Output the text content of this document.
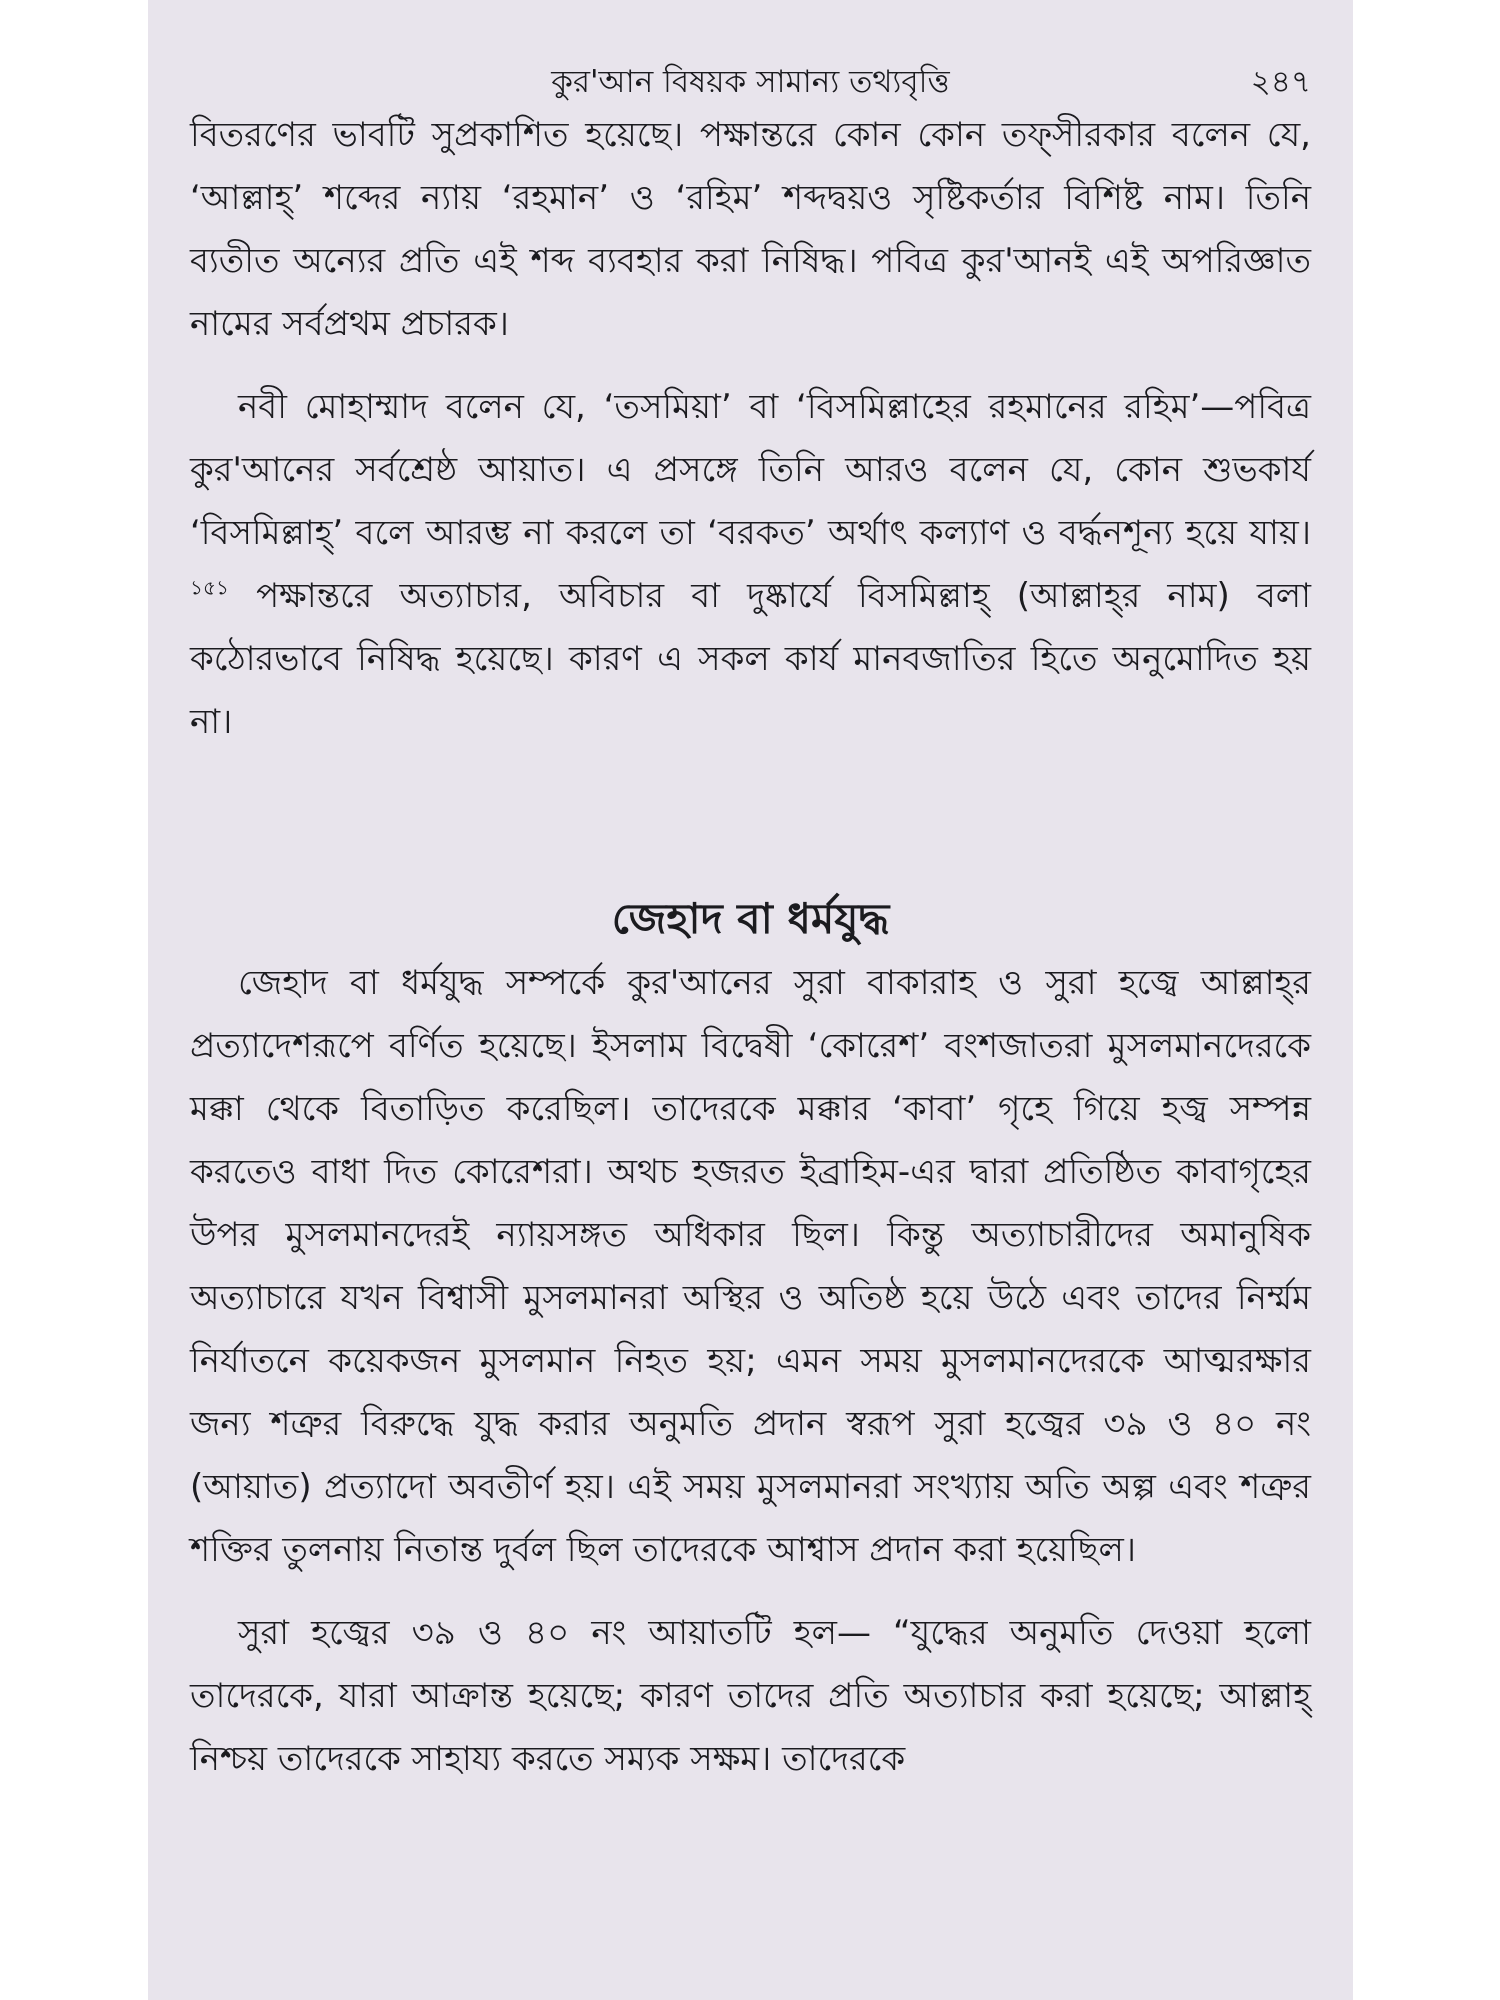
কুর'আন বিষয়ক সামান্য তথ্যবৃত্তি	২৪৭

বিতরণের ভাবটি সুপ্রকাশিত হয়েছে। পক্ষান্তরে কোন কোন তফ্‌সীরকার বলেন যে, ‘আল্লাহ্’ শব্দের ন্যায় ‘রহমান’ ও ‘রহিম’ শব্দদ্বয়ও সৃষ্টিকর্তার বিশিষ্ট নাম। তিনি ব্যতীত অন্যের প্রতি এই শব্দ ব্যবহার করা নিষিদ্ধ। পবিত্র কুর'আনই এই অপরিজ্ঞাত নামের সর্বপ্রথম প্রচারক।

নবী মোহাম্মাদ বলেন যে, ‘তসমিয়া’ বা ‘বিসমিল্লাহের রহমানের রহিম’—পবিত্র কুর'আনের সর্বশ্রেষ্ঠ আয়াত। এ প্রসঙ্গে তিনি আরও বলেন যে, কোন শুভকার্য ‘বিসমিল্লাহ্’ বলে আরম্ভ না করলে তা ‘বরকত’ অর্থাৎ কল্যাণ ও বর্দ্ধনশূন্য হয়ে যায়।$^{১৫১}$ পক্ষান্তরে অত্যাচার, অবিচার বা দুষ্কার্যে বিসমিল্লাহ্ (আল্লাহ্‌র নাম) বলা কঠোরভাবে নিষিদ্ধ হয়েছে। কারণ এ সকল কার্য মানবজাতির হিতে অনুমোদিত হয় না।

জেহাদ বা ধর্মযুদ্ধ

জেহাদ বা ধর্মযুদ্ধ সম্পর্কে কুর'আনের সুরা বাকারাহ ও সুরা হজ্বে আল্লাহ্‌র প্রত্যাদেশরূপে বর্ণিত হয়েছে। ইসলাম বিদ্বেষী ‘কোরেশ’ বংশজাতরা মুসলমানদেরকে মক্কা থেকে বিতাড়িত করেছিল। তাদেরকে মক্কার ‘কাবা’ গৃহে গিয়ে হজ্ব সম্পন্ন করতেও বাধা দিত কোরেশরা। অথচ হজরত ইব্রাহিম-এর দ্বারা প্রতিষ্ঠিত কাবাগৃহের উপর মুসলমানদেরই ন্যায়সঙ্গত অধিকার ছিল। কিন্তু অত্যাচারীদের অমানুষিক অত্যাচারে যখন বিশ্বাসী মুসলমানরা অস্থির ও অতিষ্ঠ হয়ে উঠে এবং তাদের নির্ম্মম নির্যাতনে কয়েকজন মুসলমান নিহত হয়; এমন সময় মুসলমানদেরকে আত্মরক্ষার জন্য শত্রুর বিরুদ্ধে যুদ্ধ করার অনুমতি প্রদান স্বরূপ সুরা হজ্বের ৩৯ ও ৪০ নং (আয়াত) প্রত্যাদো অবতীর্ণ হয়। এই সময় মুসলমানরা সংখ্যায় অতি অল্প এবং শত্রুর শক্তির তুলনায় নিতান্ত দুর্বল ছিল তাদেরকে আশ্বাস প্রদান করা হয়েছিল।

সুরা হজ্বের ৩৯ ও ৪০ নং আয়াতটি হল— “যুদ্ধের অনুমতি দেওয়া হলো তাদেরকে, যারা আক্রান্ত হয়েছে; কারণ তাদের প্রতি অত্যাচার করা হয়েছে; আল্লাহ্ নিশ্চয় তাদেরকে সাহায্য করতে সম্যক সক্ষম। তাদেরকে
